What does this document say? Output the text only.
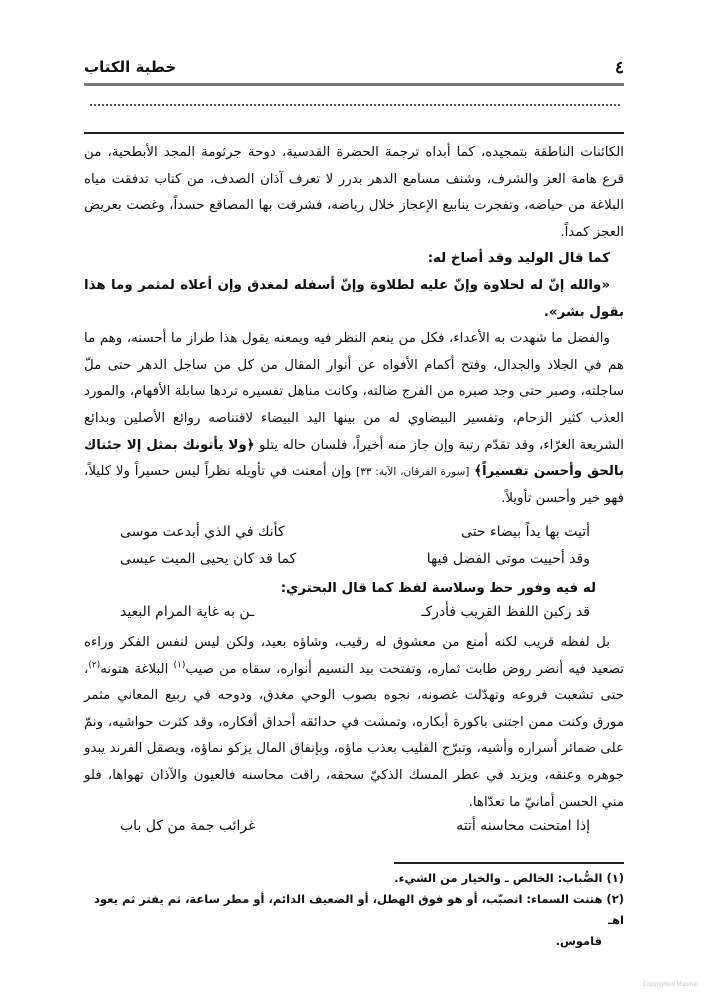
٤
خطبة الكتاب

الكائنات الناطقة بتمجيده، كما أبداه ترجمة الحضرة القدسية، دوحة جرثومة المجد الأبطحية، من قرع هامة العز والشرف، وشنف مسامع الدهر بدرر لا تعرف آذان الصدف، من كتاب تدفقت مياه البلاغة من حياضه، وتفجرت ينابيع الإعجاز خلال رياضه، فشرقت بها المصاقع حسداً، وغصت بعريض العجز كمداً.

كما قال الوليد وقد أصاخ له:

«والله إنّ له لحلاوة وإنّ عليه لطلاوة وإنّ أسفله لمغدق وإن أعلاه لمثمر وما هذا بقول بشر».

والفضل ما شهدت به الأعداء، فكل من ينعم النظر فيه ويمعنه يقول هذا طراز ما أحسنه، وهم ما هم في الجلاد والجدال، وفتح أكمام الأفواه عن أنوار المقال من كل من ساجل الدهر حتى ملّ ساجلته، وصبر حتى وجد صبره من الفرج ضالته، وكانت مناهل تفسيره تردها سابلة الأفهام، والمورد العذب كثير الزحام، وتفسير البيضاوي له من بينها اليد البيضاء لاقتناصه روائع الأصلين وبدائع الشريعة الغرّاء، وقد تقدّم رتبة وإن جاز منه أخيراً، فلسان حاله يتلو ﴿ولا يأتونك بمثل إلا جئناك بالحق وأحسن تفسيراً﴾ [سورة الفرقان، الآية: ٣٣] وإن أمعنت في تأويله نظراً ليس حسيراً ولا كليلاً، فهو خير وأحسن تأويلاً.

أتيت بها يداً بيضاء حتى
كأنك في الذي أبدعت موسى
وقد أحييت موتى الفضل فيها
كما قد كان يحيى الميت عيسى

له فيه وفور حظ وسلاسة لفظ كما قال البحتري:

قد ركبن اللفظ القريب فأدركـ
ـن به غاية المرام البعيد

بل لفظه قريب لكنه أمنع من معشوق له رقيب، وشاؤه بعيد، ولكن ليس لنفس الفكر وراءه تصعيد فيه أنضر روض طابت ثماره، وتفتحت بيد النسيم أنواره، سقاه من صيب$^{(١)}$ البلاغة هتونه$^{(٢)}$، حتى تشعبت فروعه وتهدّلت غصونه، نجوه بصوب الوحي مغدق، ودوحه في ربيع المعاني مثمر مورق وكنت ممن اجتنى باكورة أبكاره، وتمشت في حدائقه أحداق أفكاره، وقد كثرت حواشيه، ونمّ على ضمائر أسراره وأشيه، وتبرّج القليب بعذب ماؤه، وبإنفاق المال يزكو نماؤه، ويصقل الفرند يبدو جوهره وعنقه، ويزيد في عطر المسك الذكيّ سحقه، راقت محاسنه فالعيون والآذان تهواها، فلو مني الحسن أمانيّ ما تعدّاها.

إذا امتحنت محاسنه أتته
غرائب جمة من كل باب

(١) الصُّباب: الخالص ـ والخيار من الشيء.

(٢) هتنت السماء: انصبّب، أو هو فوق الهطل، أو الضعيف الدائم، أو مطر ساعة، ثم يفتر ثم يعود اهـ

قاموس.

Copyrighted Material
